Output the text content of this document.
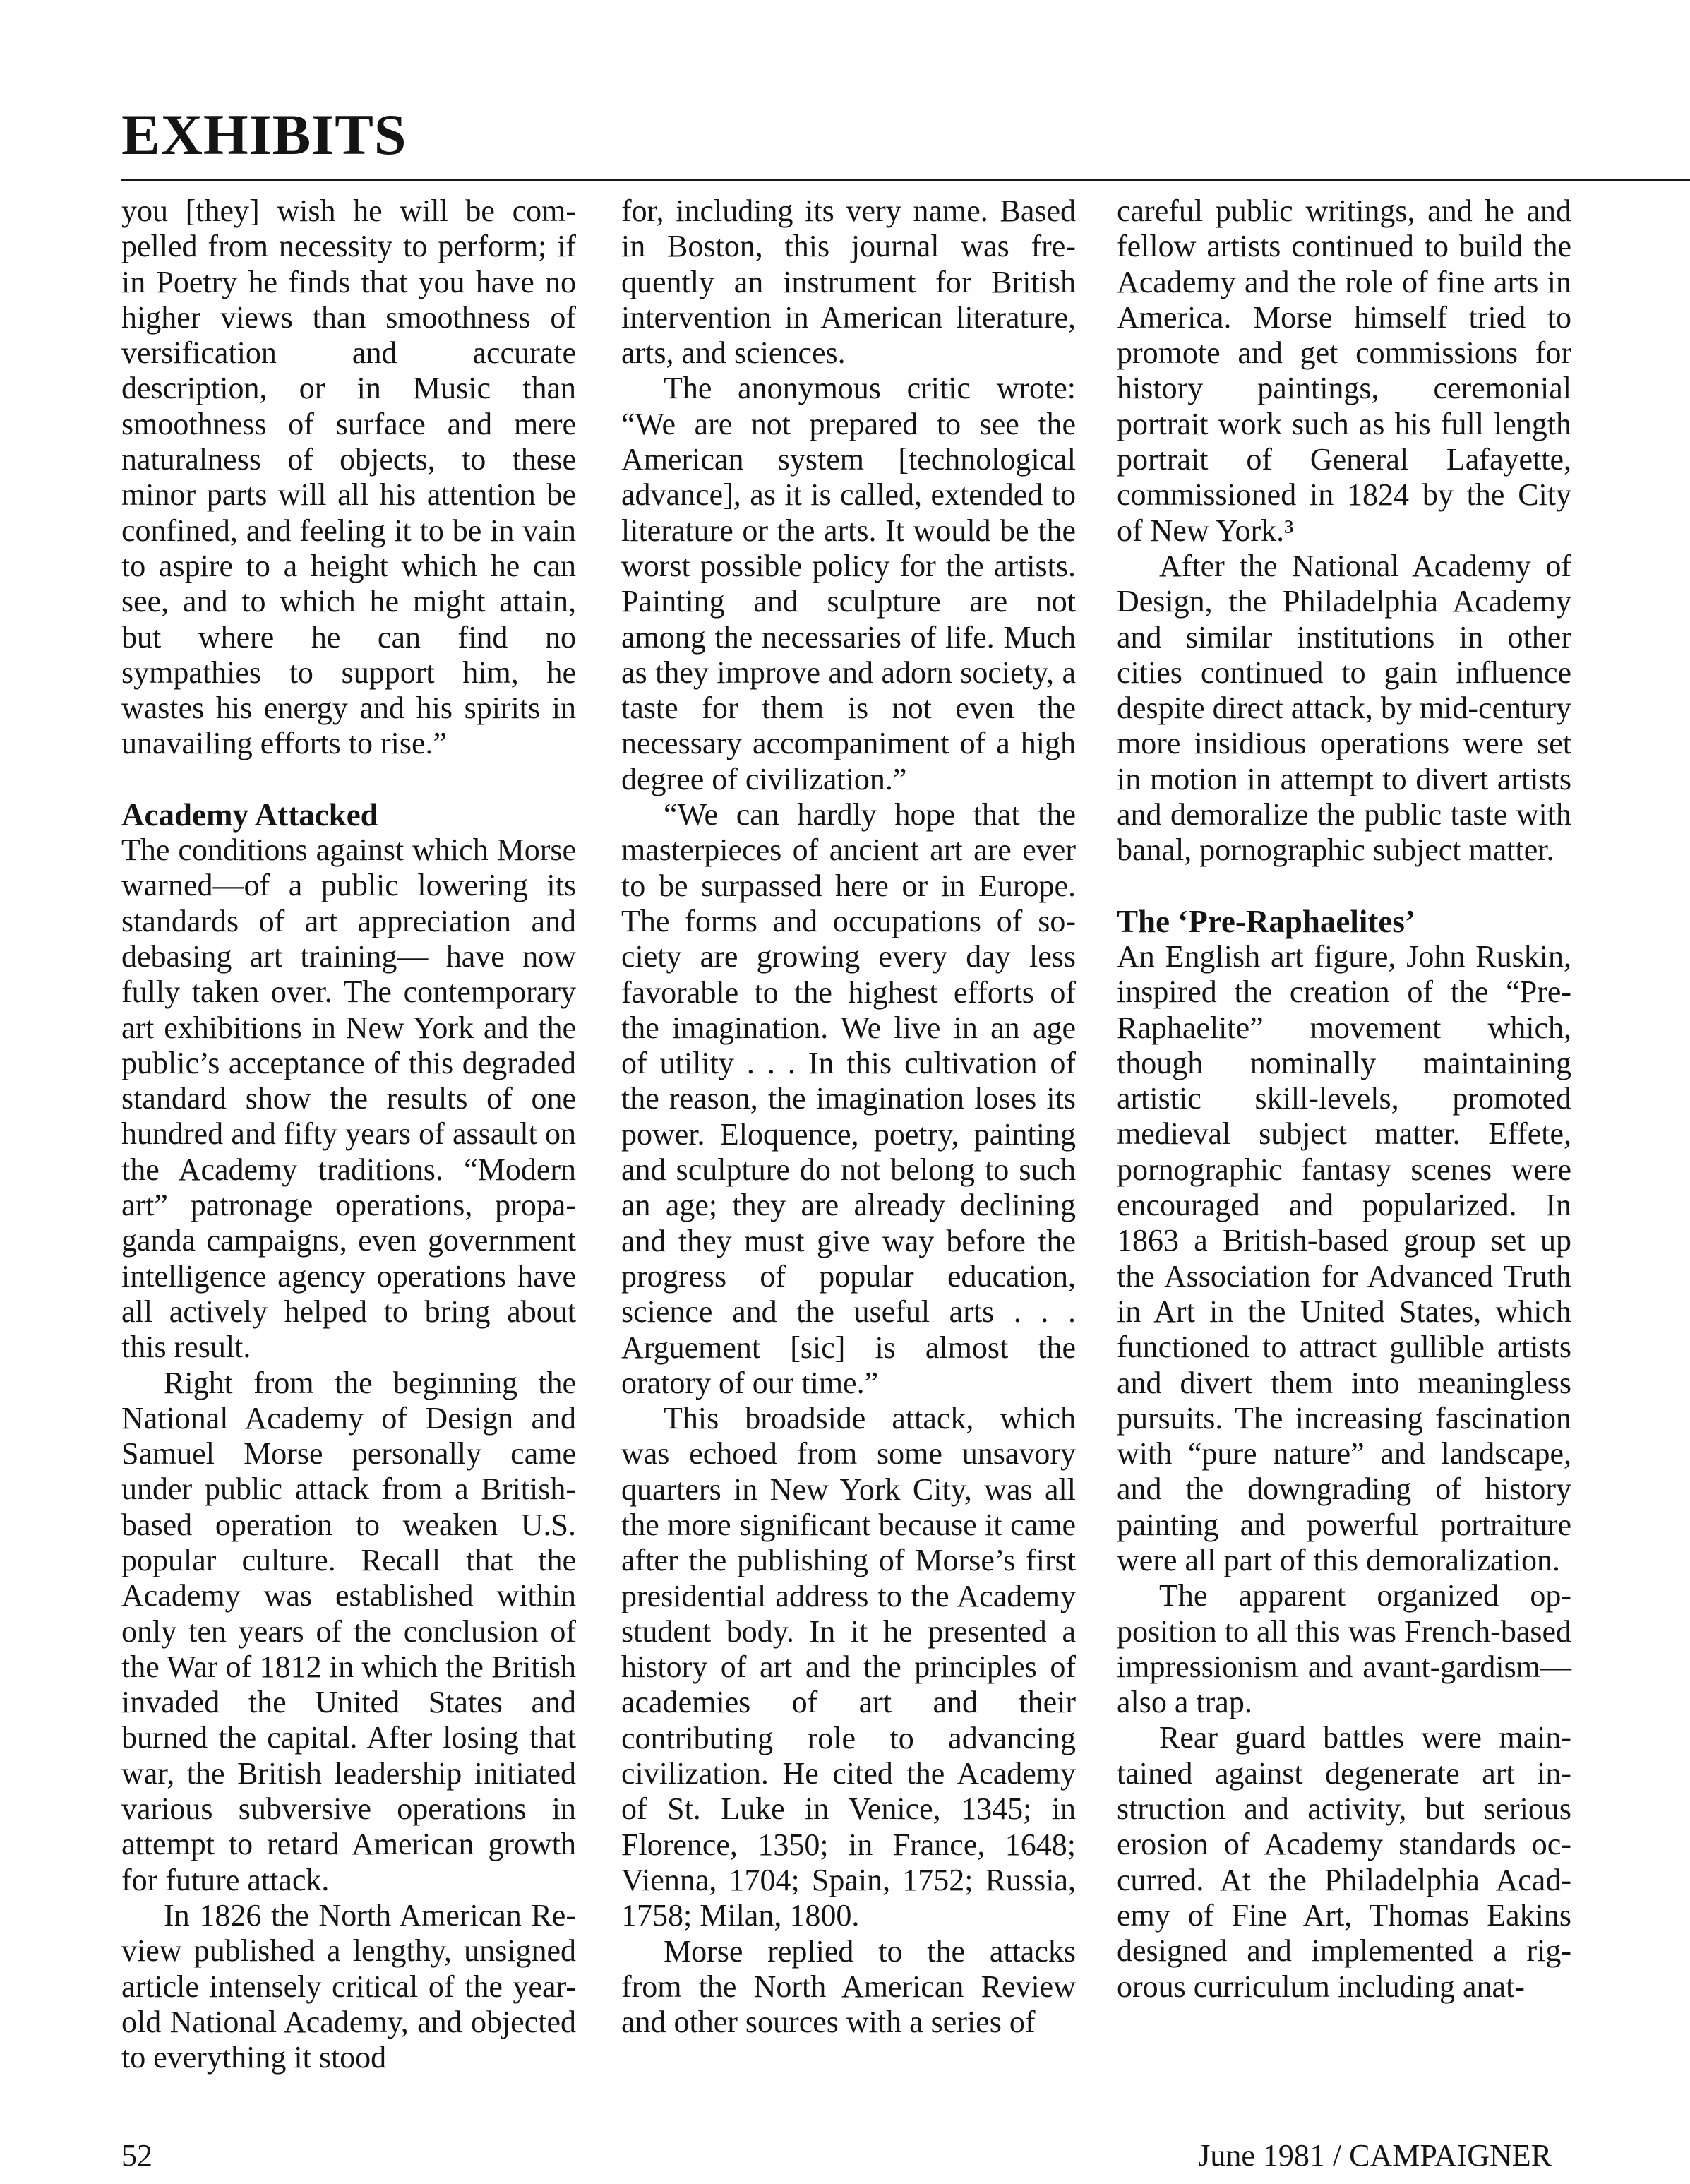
EXHIBITS

you [they] wish he will be compelled from necessity to perform; if in Poetry he finds that you have no higher views than smoothness of versification and accurate description, or in Music than smoothness of surface and mere naturalness of objects, to these minor parts will all his attention be confined, and feeling it to be in vain to aspire to a height which he can see, and to which he might attain, but where he can find no sympathies to support him, he wastes his energy and his spirits in unavailing efforts to rise.”

Academy Attacked

The conditions against which Morse warned—of a public lowering its standards of art appreciation and debasing art training— have now fully taken over. The contemporary art exhibitions in New York and the public’s acceptance of this degraded standard show the results of one hundred and fifty years of assault on the Academy traditions. “Modern art” patronage operations, propaganda campaigns, even government intelligence agency operations have all actively helped to bring about this result.

Right from the beginning the National Academy of Design and Samuel Morse personally came under public attack from a British-based operation to weaken U.S. popular culture. Recall that the Academy was established within only ten years of the conclusion of the War of 1812 in which the British invaded the United States and burned the capital. After losing that war, the British leadership initiated various subversive operations in attempt to retard American growth for future attack.

In 1826 the North American Review published a lengthy, unsigned article intensely critical of the year-old National Academy, and objected to everything it stood

for, including its very name. Based in Boston, this journal was frequently an instrument for British intervention in American literature, arts, and sciences.

The anonymous critic wrote: “We are not prepared to see the American system [technological advance], as it is called, extended to literature or the arts. It would be the worst possible policy for the artists. Painting and sculpture are not among the necessaries of life. Much as they improve and adorn society, a taste for them is not even the necessary accompaniment of a high degree of civilization.”

“We can hardly hope that the masterpieces of ancient art are ever to be surpassed here or in Europe. The forms and occupations of society are growing every day less favorable to the highest efforts of the imagination. We live in an age of utility . . . In this cultivation of the reason, the imagination loses its power. Eloquence, poetry, painting and sculpture do not belong to such an age; they are already declining and they must give way before the progress of popular education, science and the useful arts . . . Arguement [sic] is almost the oratory of our time.”

This broadside attack, which was echoed from some unsavory quarters in New York City, was all the more significant because it came after the publishing of Morse’s first presidential address to the Academy student body. In it he presented a history of art and the principles of academies of art and their contributing role to advancing civilization. He cited the Academy of St. Luke in Venice, 1345; in Florence, 1350; in France, 1648; Vienna, 1704; Spain, 1752; Russia, 1758; Milan, 1800.

Morse replied to the attacks from the North American Review and other sources with a series of

careful public writings, and he and fellow artists continued to build the Academy and the role of fine arts in America. Morse himself tried to promote and get commissions for history paintings, ceremonial portrait work such as his full length portrait of General Lafayette, commissioned in 1824 by the City of New York.³

After the National Academy of Design, the Philadelphia Academy and similar institutions in other cities continued to gain influence despite direct attack, by mid-century more insidious operations were set in motion in attempt to divert artists and demoralize the public taste with banal, pornographic subject matter.

The ‘Pre-Raphaelites’

An English art figure, John Ruskin, inspired the creation of the “Pre-Raphaelite” movement which, though nominally maintaining artistic skill-levels, promoted medieval subject matter. Effete, pornographic fantasy scenes were encouraged and popularized. In 1863 a British-based group set up the Association for Advanced Truth in Art in the United States, which functioned to attract gullible artists and divert them into meaningless pursuits. The increasing fascination with “pure nature” and landscape, and the downgrading of history painting and powerful portraiture were all part of this demoralization.

The apparent organized opposition to all this was French-based impressionism and avant-gardism—also a trap.

Rear guard battles were maintained against degenerate art instruction and activity, but serious erosion of Academy standards occurred. At the Philadelphia Academy of Fine Art, Thomas Eakins designed and implemented a rigorous curriculum including anat-

52	June 1981 / CAMPAIGNER
